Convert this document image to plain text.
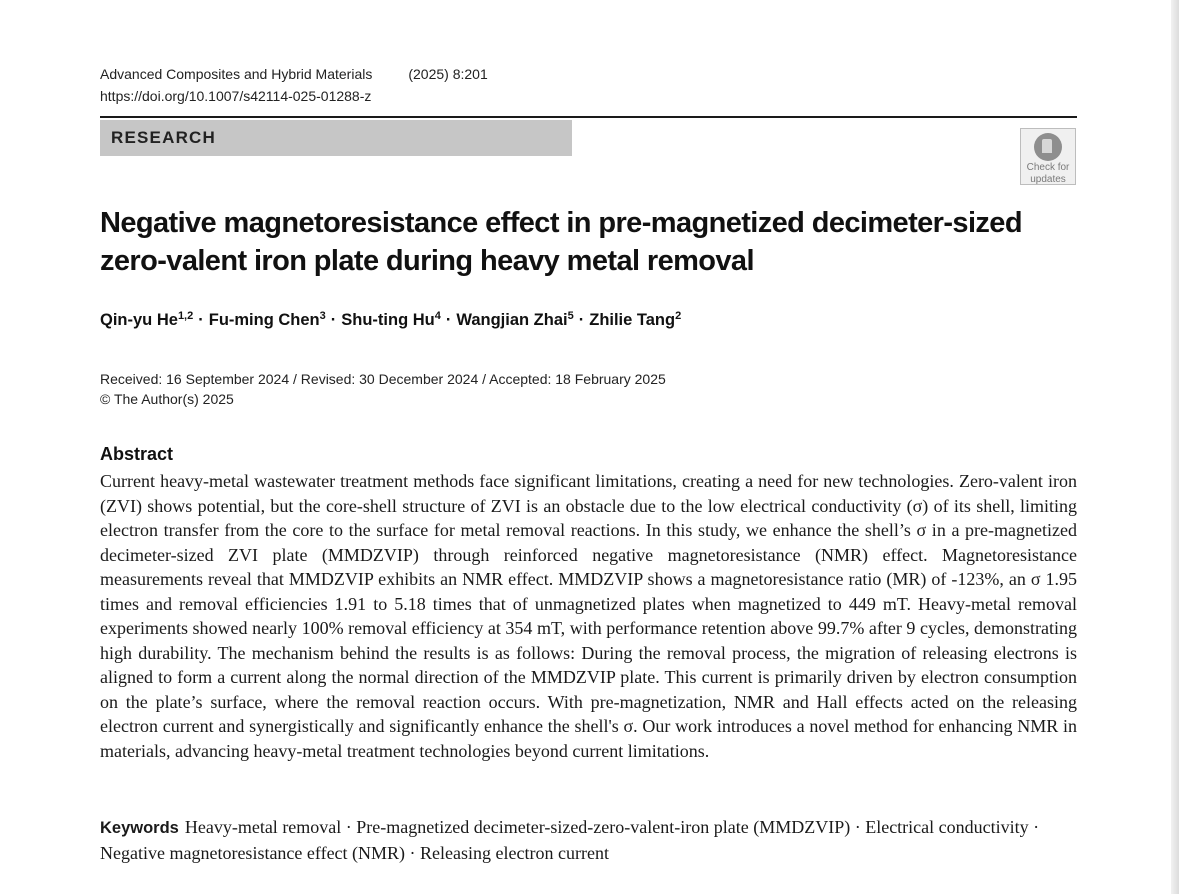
Advanced Composites and Hybrid Materials	(2025) 8:201
https://doi.org/10.1007/s42114-025-01288-z
RESEARCH
Check for
updates
Negative magnetoresistance effect in pre-magnetized decimeter-sized zero-valent iron plate during heavy metal removal
Qin-yu He$^{1,2}$ · Fu-ming Chen$^3$ · Shu-ting $Hu^4$ · Wangjian Zhai$^5$ · Zhilie Tang$^2$
Received: 16 September 2024 / Revised: 30 December 2024 / Accepted: 18 February 2025
© The Author(s) 2025
Abstract

Current heavy-metal wastewater treatment methods face significant limitations, creating a need for new technologies. Zero-valent iron (ZVI) shows potential, but the core-shell structure of ZVI is an obstacle due to the low electrical conductivity (σ) of its shell, limiting electron transfer from the core to the surface for metal removal reactions. In this study, we enhance the shell’s σ in a pre-magnetized decimeter-sized ZVI plate (MMDZVIP) through reinforced negative magnetoresistance (NMR) effect. Magnetoresistance measurements reveal that MMDZVIP exhibits an NMR effect. MMDZVIP shows a magnetoresistance ratio (MR) of -123%, an σ 1.95 times and removal efficiencies 1.91 to 5.18 times that of unmagnetized plates when magnetized to 449 mT. Heavy-metal removal experiments showed nearly 100% removal efficiency at 354 mT, with performance retention above 99.7% after 9 cycles, demonstrating high durability. The mechanism behind the results is as follows: During the removal process, the migration of releasing electrons is aligned to form a current along the normal direction of the MMDZVIP plate. This current is primarily driven by electron consumption on the plate’s surface, where the removal reaction occurs. With pre-magnetization, NMR and Hall effects acted on the releasing electron current and synergistically and significantly enhance the shell's σ. Our work introduces a novel method for enhancing NMR in materials, advancing heavy-metal treatment technologies beyond current limitations.

Keywords Heavy-metal removal · Pre-magnetized decimeter-sized-zero-valent-iron plate (MMDZVIP) · Electrical conductivity · Negative magnetoresistance effect (NMR) · Releasing electron current
